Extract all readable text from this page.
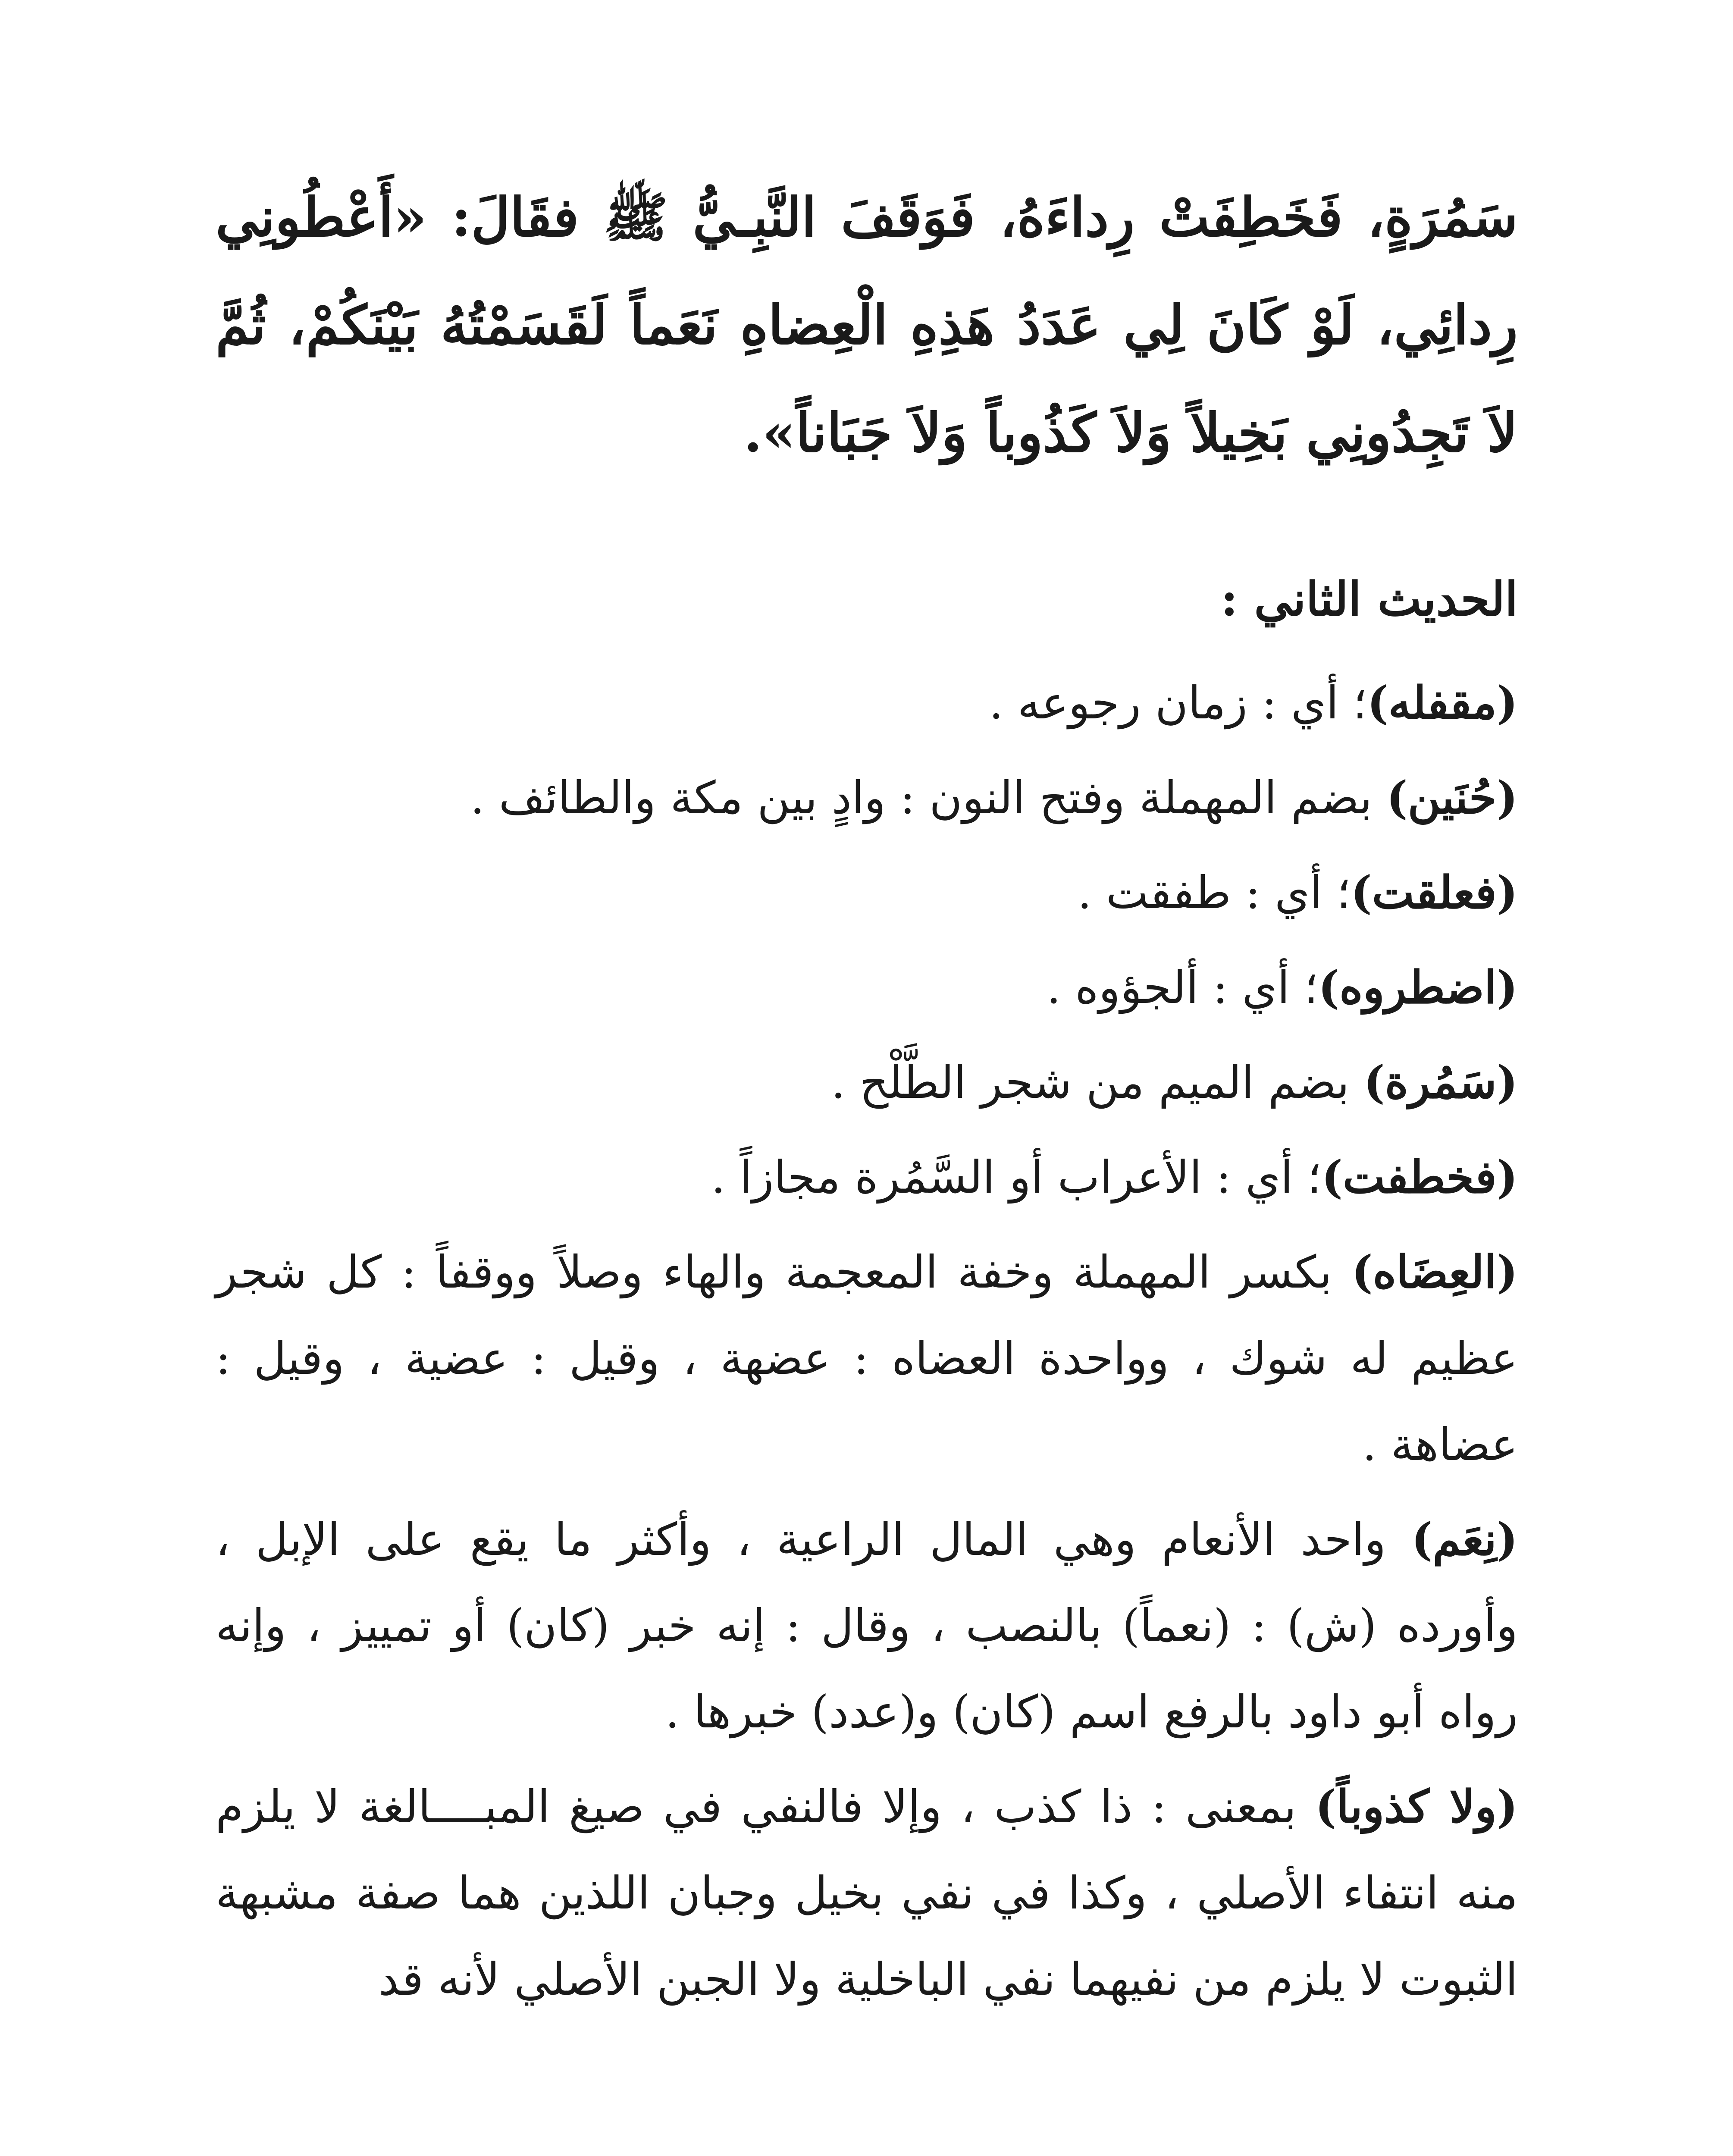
سَمُرَةٍ، فَخَطِفَتْ رِداءَهُ، فَوَقَفَ النَّبِـيُّ ﷺ فقَالَ: «أَعْطُونِي رِدائِي، لَوْ كَانَ لِي عَدَدُ هَذِهِ الْعِضاهِ نَعَماً لَقَسَمْتُهُ بَيْنَكُمْ، ثُمَّ لاَ تَجِدُونِي بَخِيلاً وَلاَ كَذُوباً وَلاَ جَبَاناً».

الحديث الثاني :

(مقفله)؛ أي : زمان رجوعه .

(حُنَين) بضم المهملة وفتح النون : وادٍ بين مكة والطائف .

(فعلقت)؛ أي : طفقت .

(اضطروه)؛ أي : ألجؤوه .

(سَمُرة) بضم الميم من شجر الطَّلْح .

(فخطفت)؛ أي : الأعراب أو السَّمُرة مجازاً .

(العِضَاه) بكسر المهملة وخفة المعجمة والهاء وصلاً ووقفاً : كل شجر عظيم له شوك ، وواحدة العضاه : عضهة ، وقيل : عضية ، وقيل : عضاهة .

(نِعَم) واحد الأنعام وهي المال الراعية ، وأكثر ما يقع على الإبل ، وأورده (ش) : (نعماً) بالنصب ، وقال : إنه خبر (كان) أو تمييز ، وإنه رواه أبو داود بالرفع اسم (كان) و(عدد) خبرها .

(ولا كذوباً) بمعنى : ذا كذب ، وإلا فالنفي في صيغ المبــــالغة لا يلزم منه انتفاء الأصلي ، وكذا في نفي بخيل وجبان اللذين هما صفة مشبهة الثبوت لا يلزم من نفيهما نفي الباخلية ولا الجبن الأصلي لأنه قد
